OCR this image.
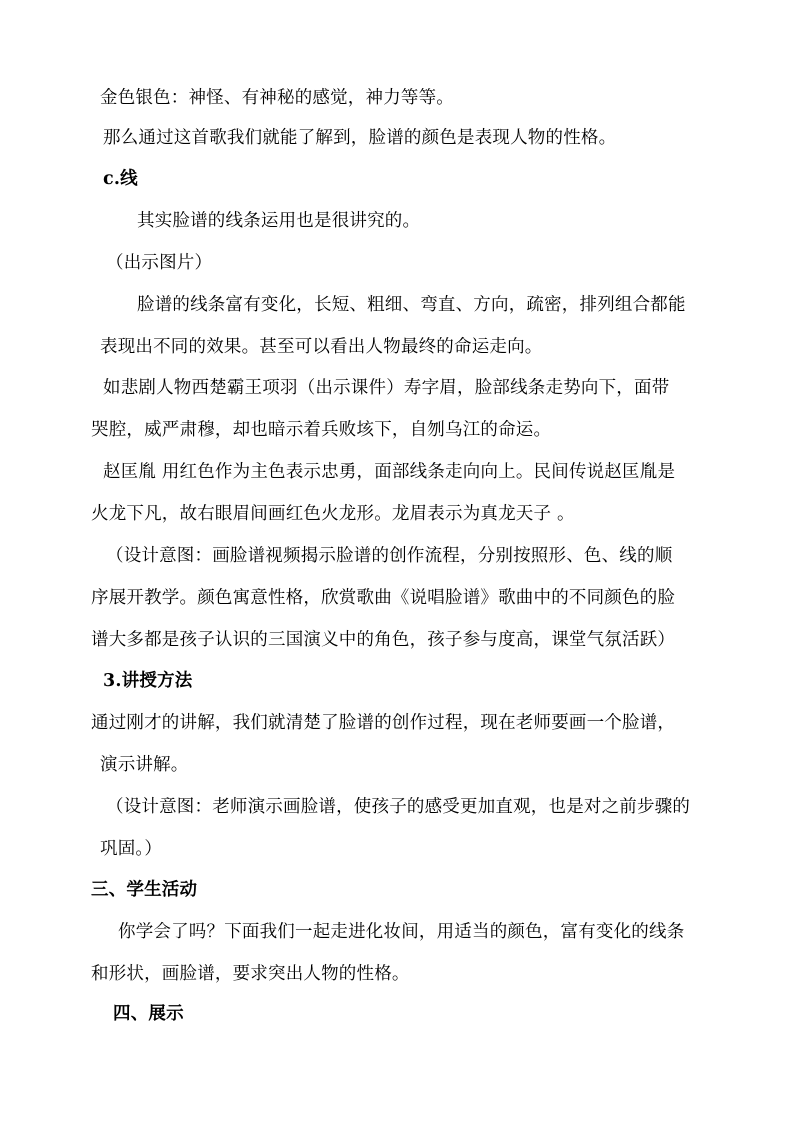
金色银色：神怪、有神秘的感觉，神力等等。
那么通过这首歌我们就能了解到，脸谱的颜色是表现人物的性格。
c.线
其实脸谱的线条运用也是很讲究的。
（出示图片）
脸谱的线条富有变化，长短、粗细、弯直、方向，疏密，排列组合都能
表现出不同的效果。甚至可以看出人物最终的命运走向。
如悲剧人物西楚霸王项羽（出示课件）寿字眉，脸部线条走势向下，面带
哭腔，威严肃穆，却也暗示着兵败垓下，自刎乌江的命运。
赵匡胤 用红色作为主色表示忠勇，面部线条走向向上。民间传说赵匡胤是
火龙下凡，故右眼眉间画红色火龙形。龙眉表示为真龙天子 。
（设计意图：画脸谱视频揭示脸谱的创作流程，分别按照形、色、线的顺
序展开教学。颜色寓意性格，欣赏歌曲《说唱脸谱》歌曲中的不同颜色的脸
谱大多都是孩子认识的三国演义中的角色，孩子参与度高，课堂气氛活跃）
3.讲授方法
通过刚才的讲解，我们就清楚了脸谱的创作过程，现在老师要画一个脸谱，
演示讲解。
（设计意图：老师演示画脸谱，使孩子的感受更加直观，也是对之前步骤的
巩固。）
三、学生活动
你学会了吗？下面我们一起走进化妆间，用适当的颜色，富有变化的线条
和形状，画脸谱，要求突出人物的性格。
四、展示
